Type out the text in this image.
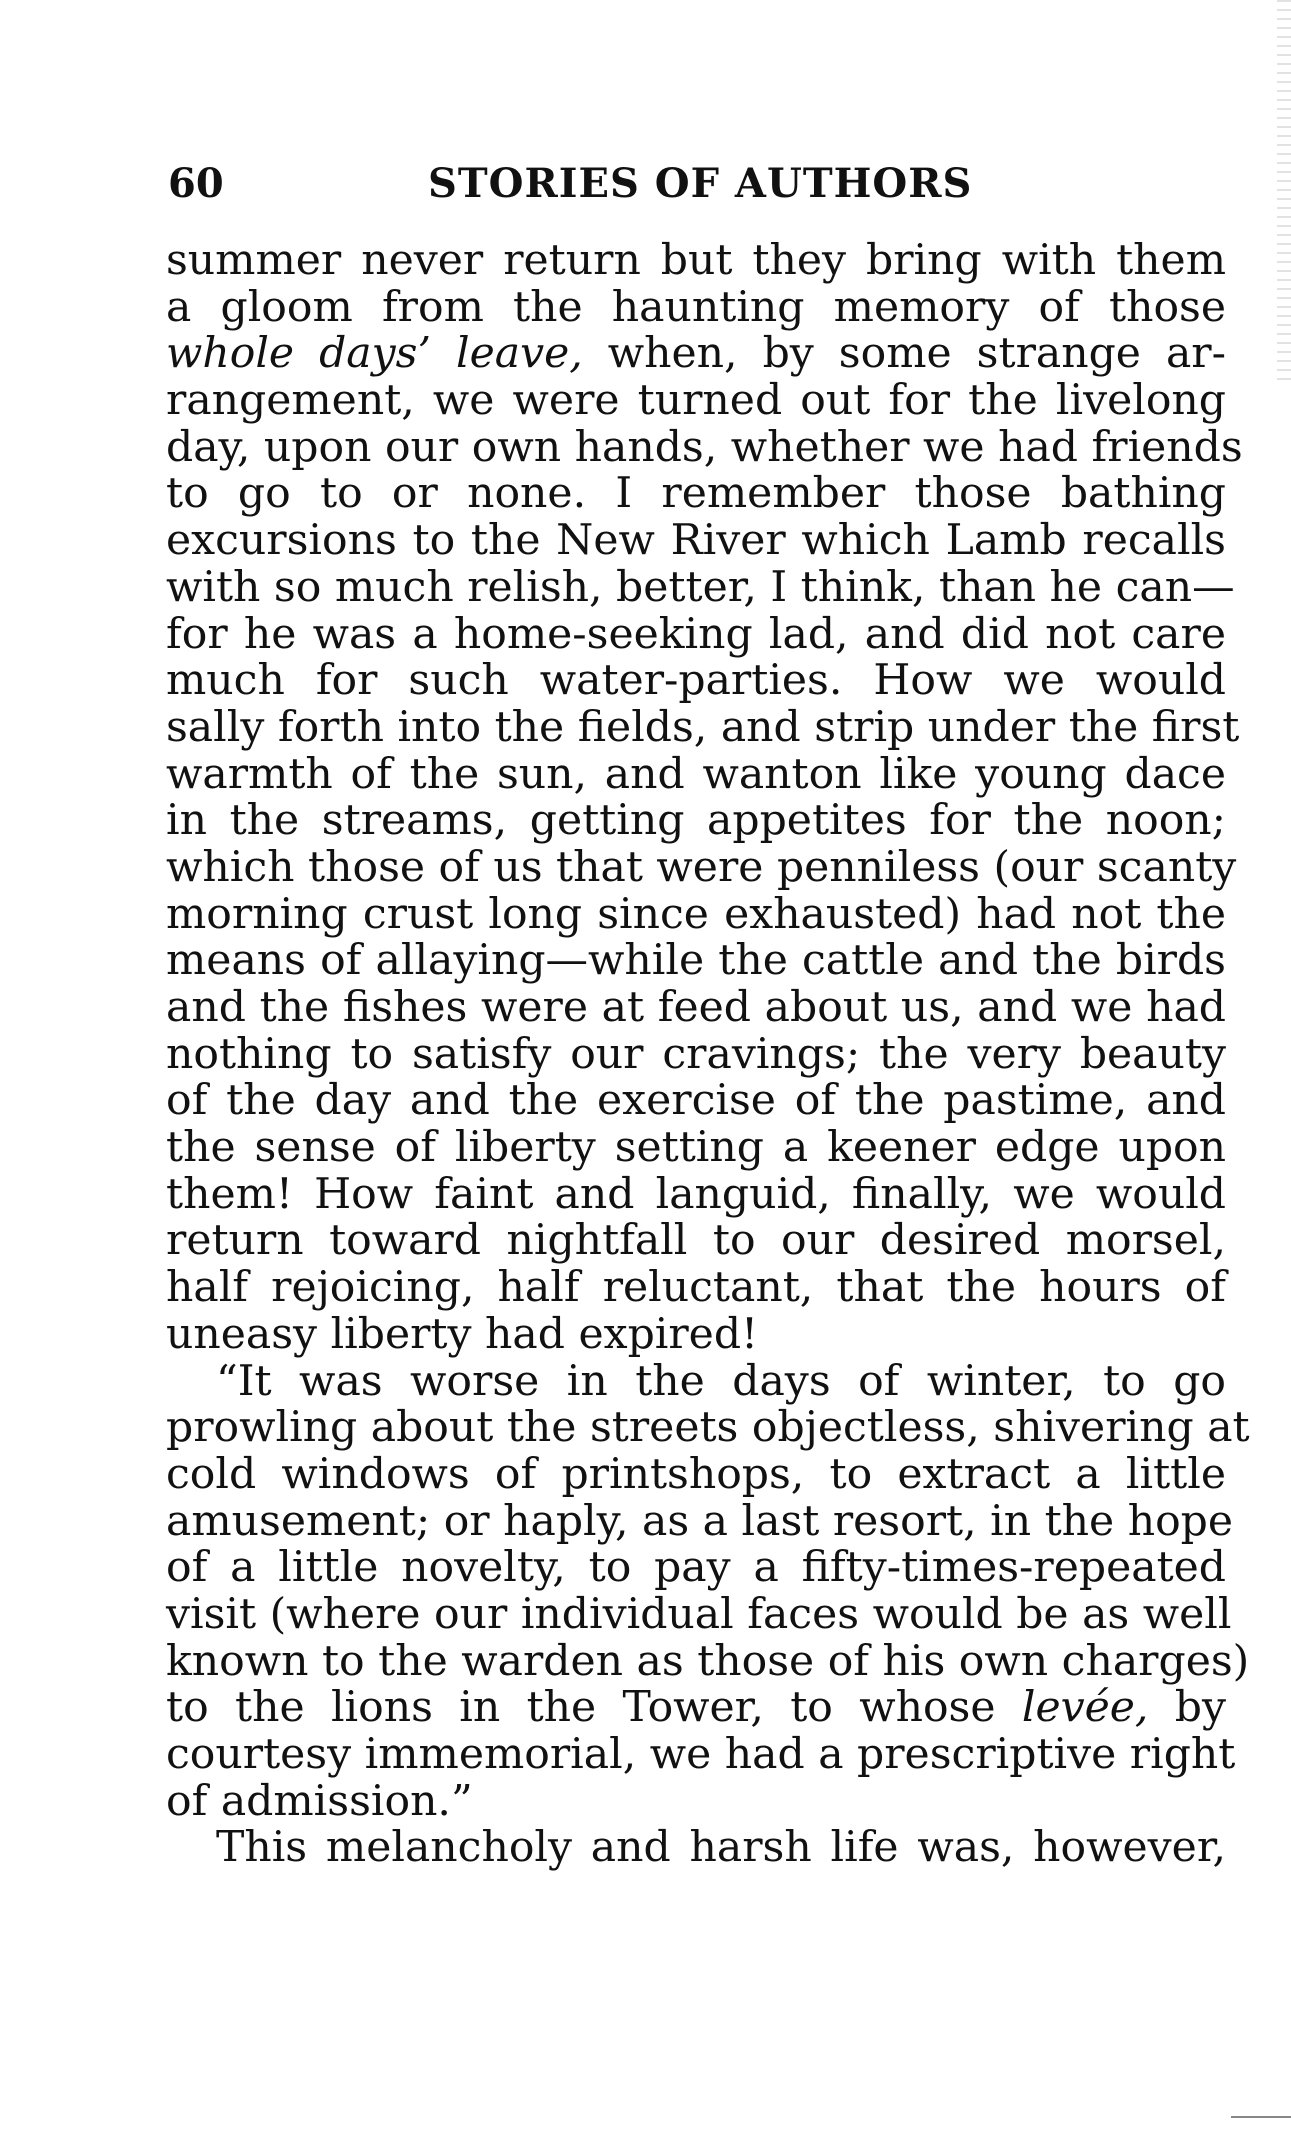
60	STORIES OF AUTHORS
summer never return but they bring with them
a gloom from the haunting memory of those
whole days’ leave, when, by some strange ar-
rangement, we were turned out for the livelong
day, upon our own hands, whether we had friends
to go to or none. I remember those bathing
excursions to the New River which Lamb recalls
with so much relish, better, I think, than he can—
for he was a home-seeking lad, and did not care
much for such water-parties. How we would
sally forth into the fields, and strip under the first
warmth of the sun, and wanton like young dace
in the streams, getting appetites for the noon;
which those of us that were penniless (our scanty
morning crust long since exhausted) had not the
means of allaying—while the cattle and the birds
and the fishes were at feed about us, and we had
nothing to satisfy our cravings; the very beauty
of the day and the exercise of the pastime, and
the sense of liberty setting a keener edge upon
them! How faint and languid, finally, we would
return toward nightfall to our desired morsel,
half rejoicing, half reluctant, that the hours of
uneasy liberty had expired!
“It was worse in the days of winter, to go
prowling about the streets objectless, shivering at
cold windows of printshops, to extract a little
amusement; or haply, as a last resort, in the hope
of a little novelty, to pay a fifty-times-repeated
visit (where our individual faces would be as well
known to the warden as those of his own charges)
to the lions in the Tower, to whose levée, by
courtesy immemorial, we had a prescriptive right
of admission.”
This melancholy and harsh life was, however,
